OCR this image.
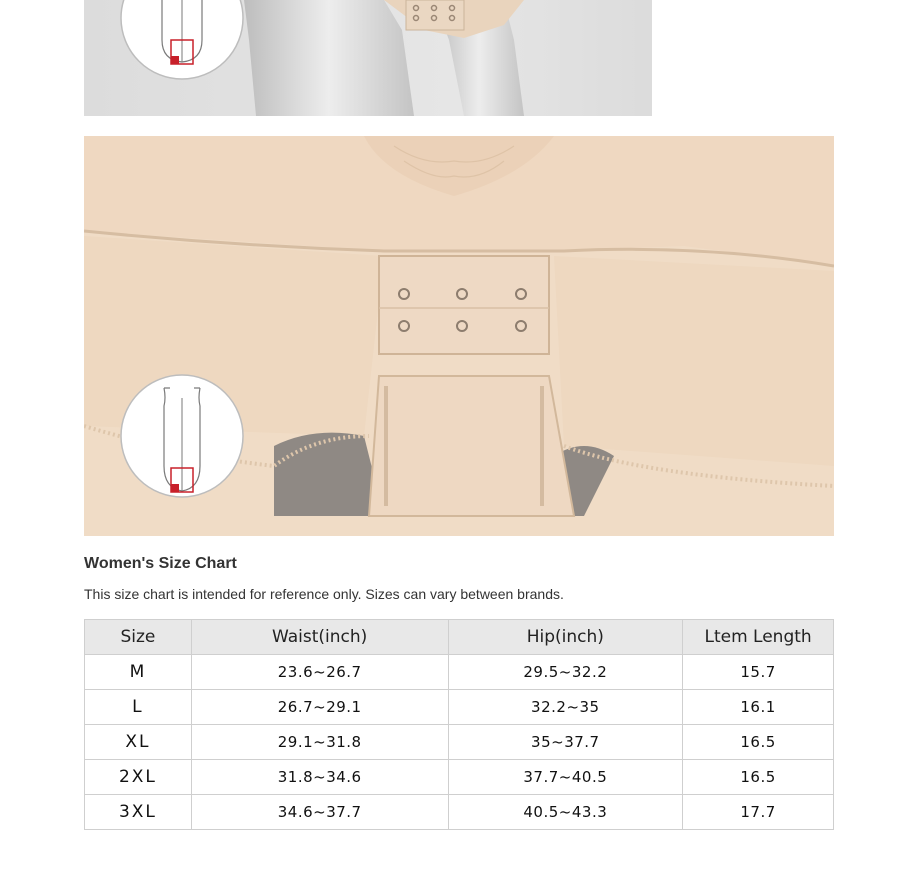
Women's Size Chart
This size chart is intended for reference only. Sizes can vary between brands.
Size	Waist(inch)	Hip(inch)	Ltem Length
M	23.6~26.7	29.5~32.2	15.7
L	26.7~29.1	32.2~35	16.1
XL	29.1~31.8	35~37.7	16.5
2XL	31.8~34.6	37.7~40.5	16.5
3XL	34.6~37.7	40.5~43.3	17.7
